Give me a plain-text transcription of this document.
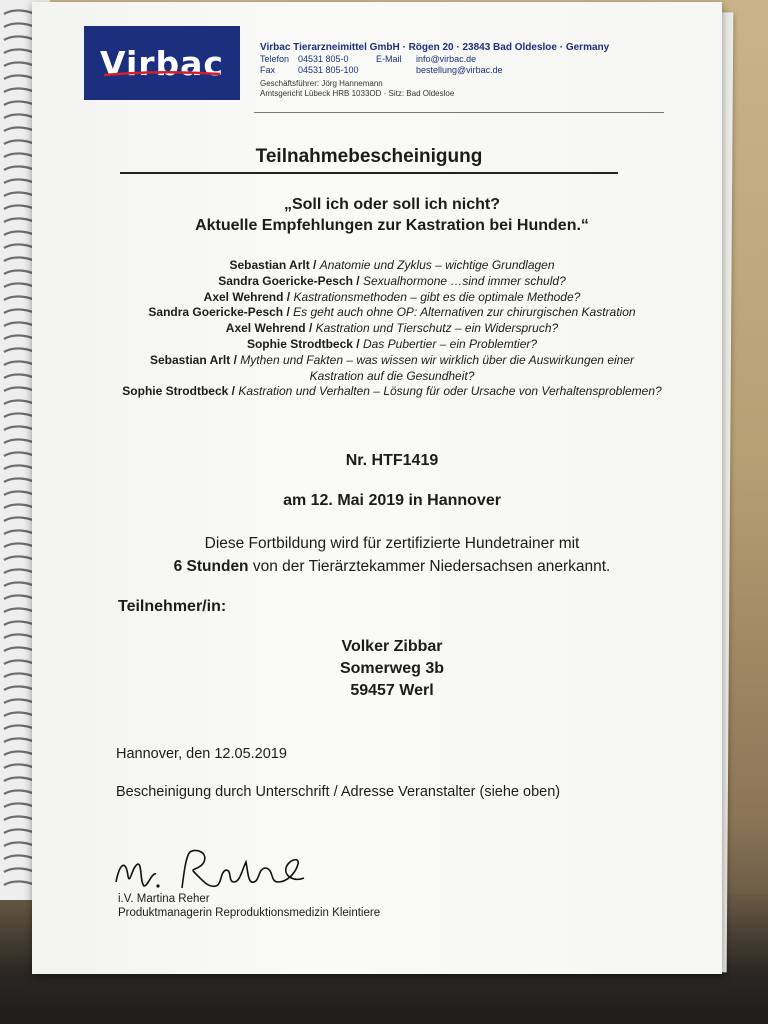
Virbac	Virbac Tierarzneimittel GmbH · Rögen 20 · 23843 Bad Oldesloe · Germany
Telefon 04531 805-0	E-Mail	info@virbac.de
Fax	04531 805-100	bestellung@virbac.de
Geschäftsführer: Jörg Hannemann
Amtsgericht Lübeck HRB 1033OD · Sitz: Bad Oldesloe
Teilnahmebescheinigung
„Soll ich oder soll ich nicht?
Aktuelle Empfehlungen zur Kastration bei Hunden.“
Sebastian Arlt / Anatomie und Zyklus – wichtige Grundlagen
Sandra Goericke-Pesch / Sexualhormone …sind immer schuld?
Axel Wehrend / Kastrationsmethoden – gibt es die optimale Methode?
Sandra Goericke-Pesch / Es geht auch ohne OP: Alternativen zur chirurgischen Kastration
Axel Wehrend / Kastration und Tierschutz – ein Widerspruch?
Sophie Strodtbeck / Das Pubertier – ein Problemtier?
Sebastian Arlt / Mythen und Fakten – was wissen wir wirklich über die Auswirkungen einer Kastration auf die Gesundheit?
Sophie Strodtbeck / Kastration und Verhalten – Lösung für oder Ursache von Verhaltensproblemen?
Nr. HTF1419
am 12. Mai 2019 in Hannover
Diese Fortbildung wird für zertifizierte Hundetrainer mit
6 Stunden von der Tierärztekammer Niedersachsen anerkannt.
Teilnehmer/in:
Volker Zibbar
Somerweg 3b
59457 Werl
Hannover, den 12.05.2019
Bescheinigung durch Unterschrift / Adresse Veranstalter (siehe oben)
i.V. Martina Reher
Produktmanagerin Reproduktionsmedizin Kleintiere
